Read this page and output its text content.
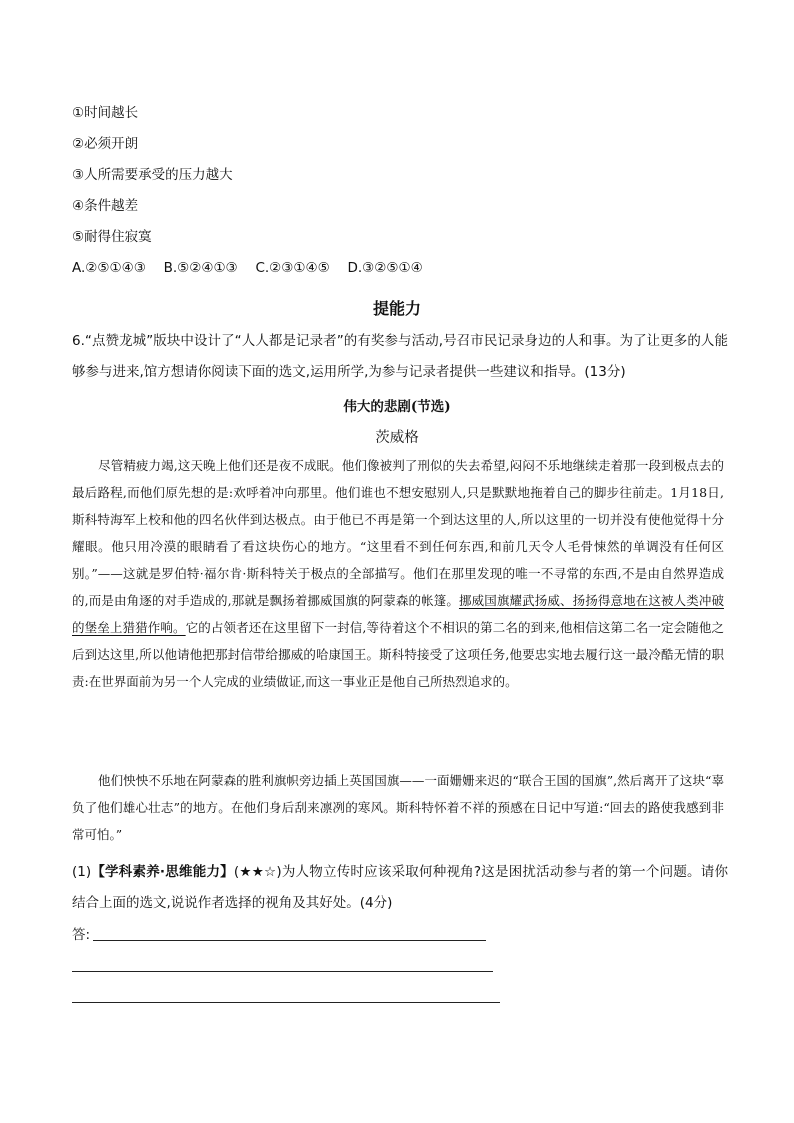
①时间越长
②必须开朗
③人所需要承受的压力越大
④条件越差
⑤耐得住寂寞
A.②⑤①④③　 B.⑤②④①③　 C.②③①④⑤　 D.③②⑤①④
提能力
6.“点赞龙城”版块中设计了“人人都是记录者”的有奖参与活动,号召市民记录身边的人和事。为了让更多的人能够参与进来,馆方想请你阅读下面的选文,运用所学,为参与记录者提供一些建议和指导。(13分)
伟大的悲剧(节选)
茨威格
尽管精疲力竭,这天晚上他们还是夜不成眠。他们像被判了刑似的失去希望,闷闷不乐地继续走着那一段到极点去的最后路程,而他们原先想的是:欢呼着冲向那里。他们谁也不想安慰别人,只是默默地拖着自己的脚步往前走。1月18日,斯科特海军上校和他的四名伙伴到达极点。由于他已不再是第一个到达这里的人,所以这里的一切并没有使他觉得十分耀眼。他只用冷漠的眼睛看了看这块伤心的地方。“这里看不到任何东西,和前几天令人毛骨悚然的单调没有任何区别。”——这就是罗伯特·福尔肯·斯科特关于极点的全部描写。他们在那里发现的唯一不寻常的东西,不是由自然界造成的,而是由角逐的对手造成的,那就是飘扬着挪威国旗的阿蒙森的帐篷。挪威国旗耀武扬威、扬扬得意地在这被人类冲破的堡垒上猎猎作响。它的占领者还在这里留下一封信,等待着这个不相识的第二名的到来,他相信这第二名一定会随他之后到达这里,所以他请他把那封信带给挪威的哈康国王。斯科特接受了这项任务,他要忠实地去履行这一最冷酷无情的职责:在世界面前为另一个人完成的业绩做证,而这一事业正是他自己所热烈追求的。
他们怏怏不乐地在阿蒙森的胜利旗帜旁边插上英国国旗——一面姗姗来迟的“联合王国的国旗”,然后离开了这块“辜负了他们雄心壮志”的地方。在他们身后刮来凛冽的寒风。斯科特怀着不祥的预感在日记中写道:“回去的路使我感到非常可怕。”
(1)【学科素养·思维能力】(★★☆)为人物立传时应该采取何种视角?这是困扰活动参与者的第一个问题。请你结合上面的选文,说说作者选择的视角及其好处。(4分)
答:
